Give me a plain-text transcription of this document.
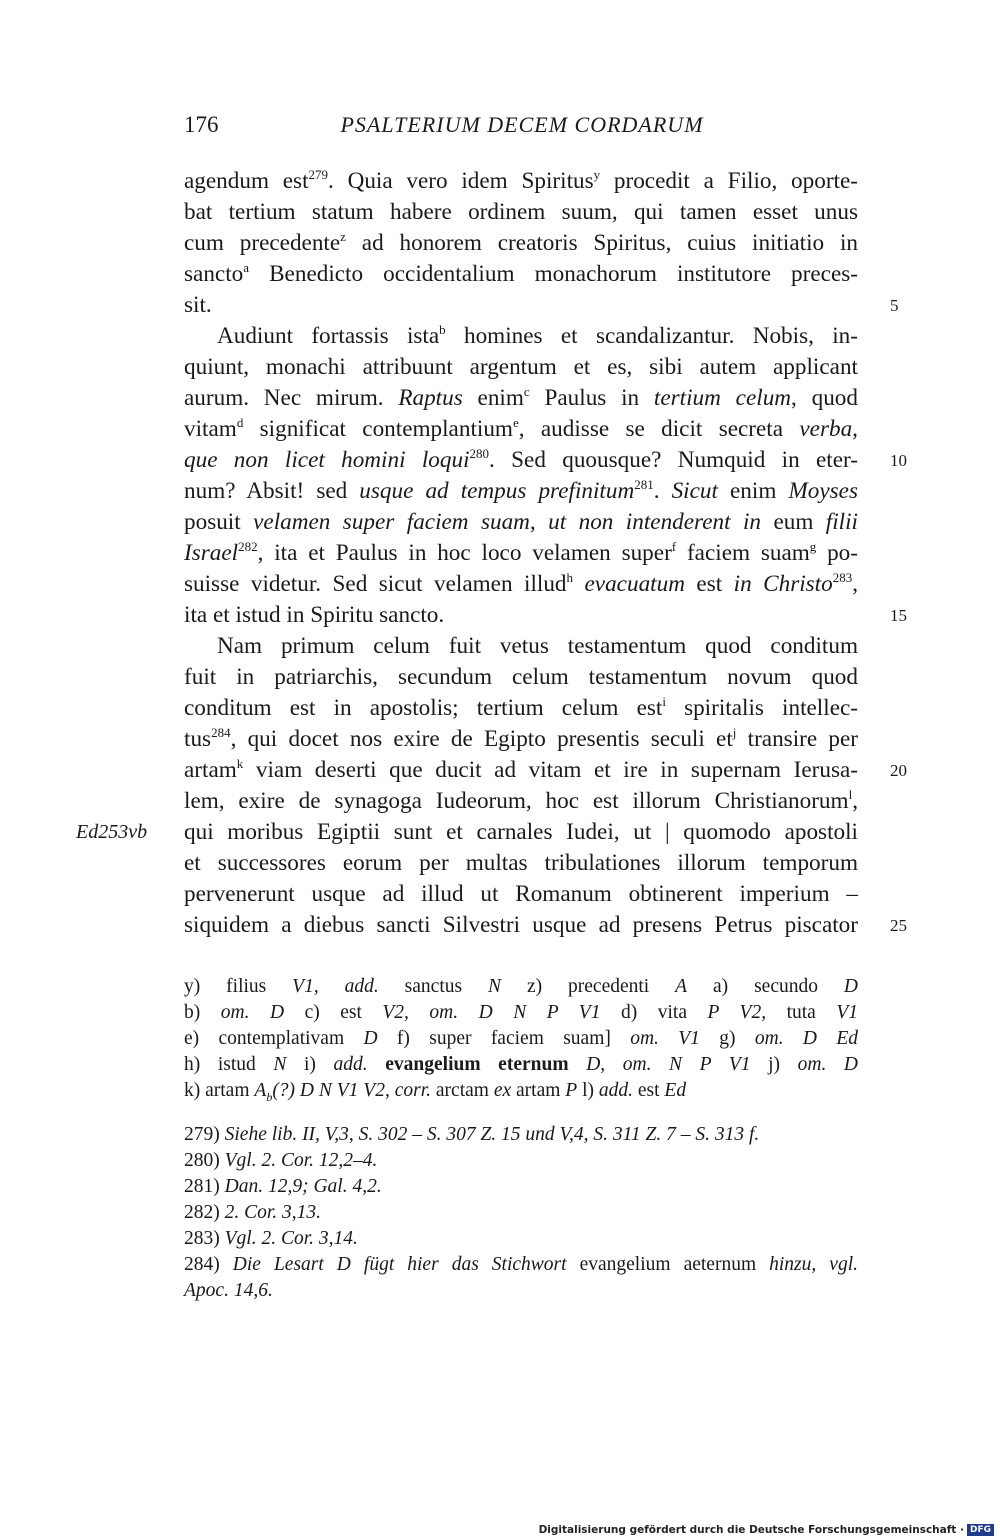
176	PSALTERIUM DECEM CORDARUM
agendum est$^{279}$. Quia vero idem Spiritus$^y$ procedit a Filio, oporte-
bat tertium statum habere ordinem suum, qui tamen esset unus
cum precedente$^z$ ad honorem creatoris Spiritus, cuius initiatio in
sancto$^a$ Benedicto occidentalium monachorum institutore preces-
sit.	5
Audiunt fortassis ista$^b$ homines et scandalizantur. Nobis, in-
quiunt, monachi attribuunt argentum et es, sibi autem applicant
aurum. Nec mirum. Raptus enim$^c$ Paulus in tertium celum, quod
vitam$^d$ significat contemplantium$^e$, audisse se dicit secreta verba,
que non licet homini loqui$^{280}$. Sed quousque? Numquid in eter- 10
num? Absit! sed usque ad tempus prefinitum$^{281}$. Sicut enim Moyses
posuit velamen super faciem suam, ut non intenderent in eum filii
Israel$^{282}$, ita et Paulus in hoc loco velamen super$^f$ faciem suam$^g$ po-
suisse videtur. Sed sicut velamen illud$^h$ evacuatum est in Christo$^{283}$,
ita et istud in Spiritu sancto.	15
Nam primum celum fuit vetus testamentum quod conditum
fuit in patriarchis, secundum celum testamentum novum quod
conditum est in apostolis; tertium celum est$^i$ spiritalis intellec-
tus$^{284}$, qui docet nos exire de Egipto presentis seculi $et^j$ transire per
artam$^k$ viam deserti que ducit ad vitam et ire in supernam Ierusa- 20
lem, exire de synagoga Iudeorum, hoc est illorum Christianorum$^l$,
qui moribus Egiptii sunt et carnales Iudei, ut | quomodo apostoli
Ed253vb
et successores eorum per multas tribulationes illorum temporum
pervenerunt usque ad illud ut Romanum obtinerent imperium –
siquidem a diebus sancti Silvestri usque ad presens Petrus piscator 25
y) filius V1, add. sanctus N z) precedenti A a) secundo D
b) om. D c) est V2, om. D N P V1 d) vita P V2, tuta V1
e) contemplativam D f) super faciem suam] om. V1 g) om. D Ed
h) istud N i) add. evangelium eternum D, om. N P V1 j) om. D
k) artam $A_b(?)$ D N V1 V2, corr. arctam ex artam P l) add. est Ed
279) Siehe lib. II, V,3, S. 302 – S. 307 Z. 15 und V,4, S. 311 Z. 7 – S. 313 f.
280) Vgl. 2. Cor. 12,2–4.
281) Dan. 12,9; Gal. 4,2.
282) 2. Cor. 3,13.
283) Vgl. 2. Cor. 3,14.
284) Die Lesart D fügt hier das Stichwort evangelium aeternum hinzu, vgl.
Apoc. 14,6.
Digitalisierung gefördert durch die Deutsche Forschungsgemeinschaft · DFG
